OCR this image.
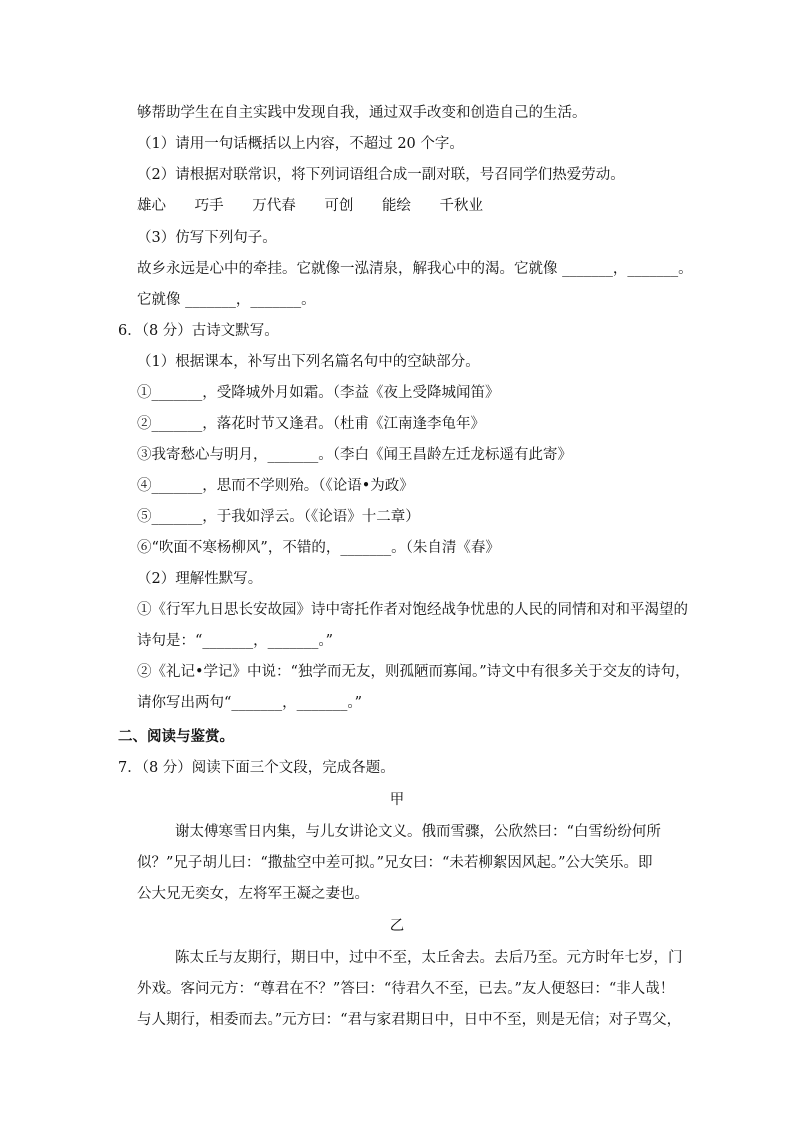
够帮助学生在自主实践中发现自我，通过双手改变和创造自己的生活。
（1）请用一句话概括以上内容，不超过 20 个字。
（2）请根据对联常识，将下列词语组合成一副对联，号召同学们热爱劳动。
雄心 巧手 万代春 可创 能绘 千秋业
（3）仿写下列句子。
故乡永远是心中的牵挂。它就像一泓清泉，解我心中的渴。它就像 _______，_______。
它就像 _______，_______。
6．（8 分）古诗文默写。
（1）根据课本，补写出下列名篇名句中的空缺部分。
①_______，受降城外月如霜。（李益《夜上受降城闻笛》
②_______，落花时节又逢君。（杜甫《江南逢李龟年》
③我寄愁心与明月，_______。（李白《闻王昌龄左迁龙标遥有此寄》
④_______，思而不学则殆。（《论语•为政》
⑤_______，于我如浮云。（《论语》十二章）
⑥“吹面不寒杨柳风”，不错的，_______。（朱自清《春》
（2）理解性默写。
①《行军九日思长安故园》诗中寄托作者对饱经战争忧患的人民的同情和对和平渴望的
诗句是：“_______，_______。”
②《礼记•学记》中说：“独学而无友，则孤陋而寡闻。”诗文中有很多关于交友的诗句，
请你写出两句“_______，_______。”
二、阅读与鉴赏。
7．（8 分）阅读下面三个文段，完成各题。
甲
谢太傅寒雪日内集，与儿女讲论文义。俄而雪骤，公欣然曰：“白雪纷纷何所
似？”兄子胡儿曰：“撒盐空中差可拟。”兄女曰：“未若柳絮因风起。”公大笑乐。即
公大兄无奕女，左将军王凝之妻也。
乙
陈太丘与友期行，期日中，过中不至，太丘舍去。去后乃至。元方时年七岁，门
外戏。客问元方：“尊君在不？”答曰：“待君久不至，已去。”友人便怒曰：“非人哉！
与人期行，相委而去。”元方曰：“君与家君期日中，日中不至，则是无信；对子骂父，
